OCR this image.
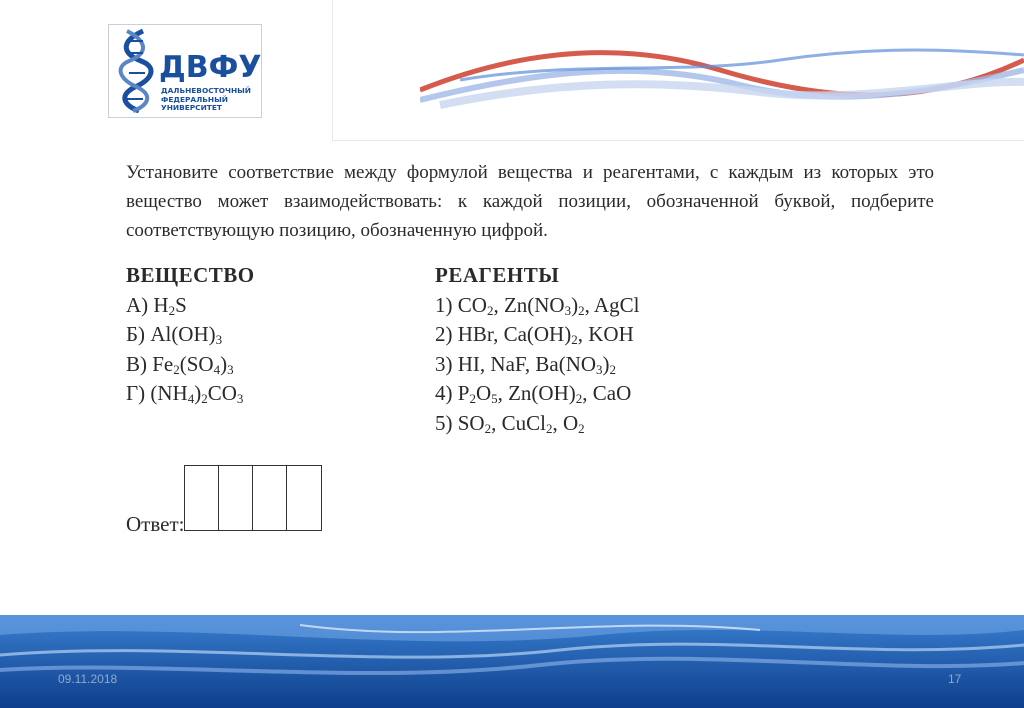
ДВФУ
ДАЛЬНЕВОСТОЧНЫЙ
ФЕДЕРАЛЬНЫЙ
УНИВЕРСИТЕТ
Установите соответствие между формулой вещества и реагентами, с каждым из которых это вещество может взаимодействовать: к каждой позиции, обозначенной буквой, подберите соответствующую позицию, обозначенную цифрой.
ВЕЩЕСТВО
А) $H_2S$
Б) $Al(OH)_3$
В) $Fe_2(SO_4)_3$
Г) $(NH_4)_2CO_3$
РЕАГЕНТЫ
1) $CO_2$, $Zn(NO_3)_2$, AgCl
2) HBr, $Ca(OH)_2$, KOH
3) HI, NaF, $Ba(NO_3)_2$
4) $P_2O_5$, $Zn(OH)_2$, CaO
5) $SO_2$, CuCl$_2$, $O_2$
Ответ:
09.11.2018	17
